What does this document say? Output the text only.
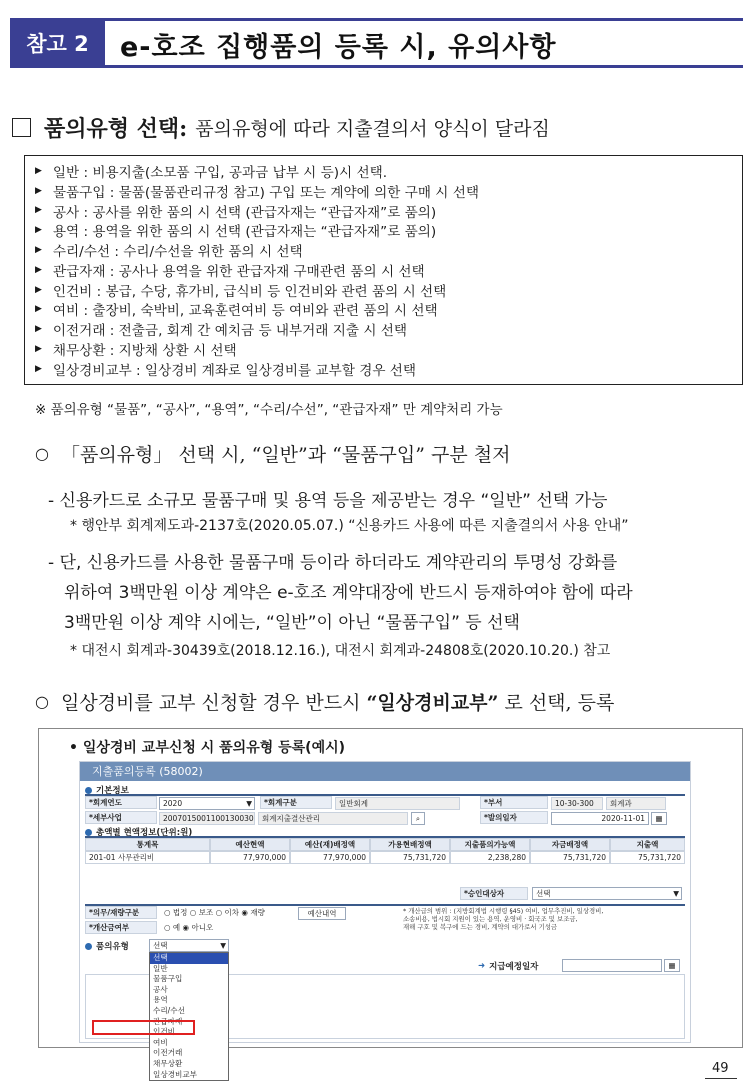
참고 2	e-호조 집행품의 등록 시, 유의사항
품의유형 선택: 품의유형에 따라 지출결의서 양식이 달라짐
▶ 일반 : 비용지출(소모품 구입, 공과금 납부 시 등)시 선택.
▶ 물품구입 : 물품(물품관리규정 참고) 구입 또는 계약에 의한 구매 시 선택
▶ 공사 : 공사를 위한 품의 시 선택 (관급자재는 “관급자재”로 품의)
▶ 용역 : 용역을 위한 품의 시 선택 (관급자재는 “관급자재”로 품의)
▶ 수리/수선 : 수리/수선을 위한 품의 시 선택
▶ 관급자재 : 공사나 용역을 위한 관급자재 구매관련 품의 시 선택
▶ 인건비 : 봉급, 수당, 휴가비, 급식비 등 인건비와 관련 품의 시 선택
▶ 여비 : 출장비, 숙박비, 교육훈련여비 등 여비와 관련 품의 시 선택
▶ 이전거래 : 전출금, 회계 간 예치금 등 내부거래 지출 시 선택
▶ 채무상환 : 지방채 상환 시 선택
▶ 일상경비교부 : 일상경비 계좌로 일상경비를 교부할 경우 선택
※ 품의유형 “물품”, “공사”, “용역”, “수리/수선”, “관급자재” 만 계약처리 가능
○ 「품의유형」 선택 시, “일반”과 “물품구입” 구분 철저
- 신용카드로 소규모 물품구매 및 용역 등을 제공받는 경우 “일반” 선택 가능
* 행안부 회계제도과-2137호(2020.05.07.) “신용카드 사용에 따른 지출결의서 사용 안내”
- 단, 신용카드를 사용한 물품구매 등이라 하더라도 계약관리의 투명성 강화를
위하여 3백만원 이상 계약은 e-호조 계약대장에 반드시 등재하여야 함에 따라
3백만원 이상 계약 시에는, “일반”이 아닌 “물품구입” 등 선택
* 대전시 회계과-30439호(2018.12.16.), 대전시 회계과-24808호(2020.10.20.) 참고
○ 일상경비를 교부 신청할 경우 반드시 “일상경비교부” 로 선택, 등록
• 일상경비 교부신청 시 품의유형 등록(예시)
지출품의등록 (58002)
기본정보
*회계연도	2020	▼	*회계구분	일반회계	*부서	10-30-300	회계과
*세부사업	2007015001100130030	회계지출결산관리	⌕	*발의일자	2020-11-01	▦
총액별 현액정보(단위:원)
통계목	예산현액	예산(재)배정액	가용현배정액	지출품의가능액	자금배정액	지출액
201-01 사무관리비	77,970,000	77,970,000	75,731,720	2,238,280	75,731,720	75,731,720
*승인대상자	선택	▼
*의무/재량구분	○ 법정 ○ 보조 ○ 이차 ◉ 재량	예산내역
*개산금여부	○ 예 ◉ 아니오
* 개산급의 범위 : (지방회계법 시행령 §45) 여비, 업무추진비, 일상경비,
소송비용, 법시회 지원이 있는 용역, 운영비 · 회국조 및 보조금,
재해 구호 및 복구에 드는 경비, 계약의 대가로서 기성금
품의유형	선택	▼
➜ 지급예정일자	▦
선택
일반
물품구입
공사
용역
수리/수선
관급자재
인건비
여비
이전거래
채무상환
일상경비교부	49
